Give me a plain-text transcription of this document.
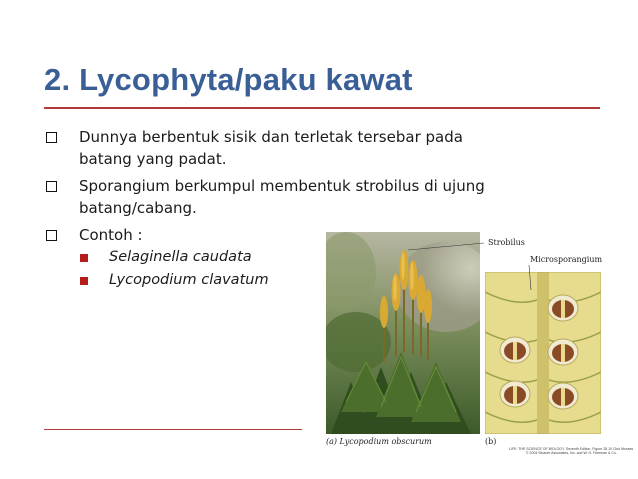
2. Lycophyta/paku kawat
Dunnya berbentuk sisik dan terletak tersebar pada
batang yang padat.
Sporangium berkumpul membentuk strobilus di ujung
batang/cabang.
Contoh :
Selaginella caudata
Lycopodium clavatum
Strobilus
Microsporangium
(a) Lycopodium obscurum	(b)
LIFE: THE SCIENCE OF BIOLOGY, Seventh Edition, Figure 28.10 Club Mosses
© 2004 Sinauer Associates, Inc. and W. H. Freeman & Co.
